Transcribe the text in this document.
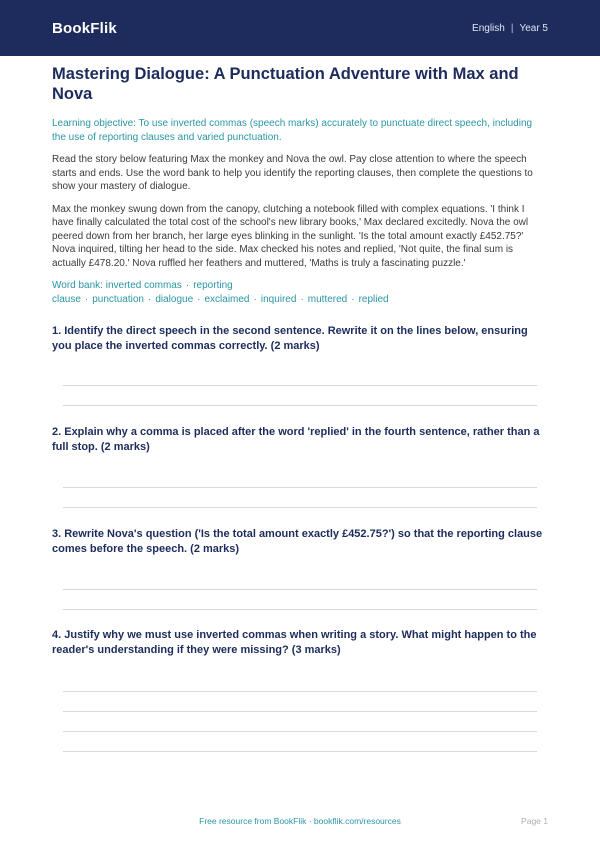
BookFlik	English | Year 5
Mastering Dialogue: A Punctuation Adventure with Max and Nova
Learning objective: To use inverted commas (speech marks) accurately to punctuate direct speech, including the use of reporting clauses and varied punctuation.
Read the story below featuring Max the monkey and Nova the owl. Pay close attention to where the speech starts and ends. Use the word bank to help you identify the reporting clauses, then complete the questions to show your mastery of dialogue.
Max the monkey swung down from the canopy, clutching a notebook filled with complex equations. 'I think I have finally calculated the total cost of the school's new library books,' Max declared excitedly. Nova the owl peered down from her branch, her large eyes blinking in the sunlight. 'Is the total amount exactly £452.75?' Nova inquired, tilting her head to the side. Max checked his notes and replied, 'Not quite, the final sum is actually £478.20.' Nova ruffled her feathers and muttered, 'Maths is truly a fascinating puzzle.'
Word bank: inverted commas · reporting clause · punctuation · dialogue · exclaimed · inquired · muttered · replied
1. Identify the direct speech in the second sentence. Rewrite it on the lines below, ensuring you place the inverted commas correctly. (2 marks)
2. Explain why a comma is placed after the word 'replied' in the fourth sentence, rather than a full stop. (2 marks)
3. Rewrite Nova's question ('Is the total amount exactly £452.75?') so that the reporting clause comes before the speech. (2 marks)
4. Justify why we must use inverted commas when writing a story. What might happen to the reader's understanding if they were missing? (3 marks)
Free resource from BookFlik · bookflik.com/resources	Page 1
